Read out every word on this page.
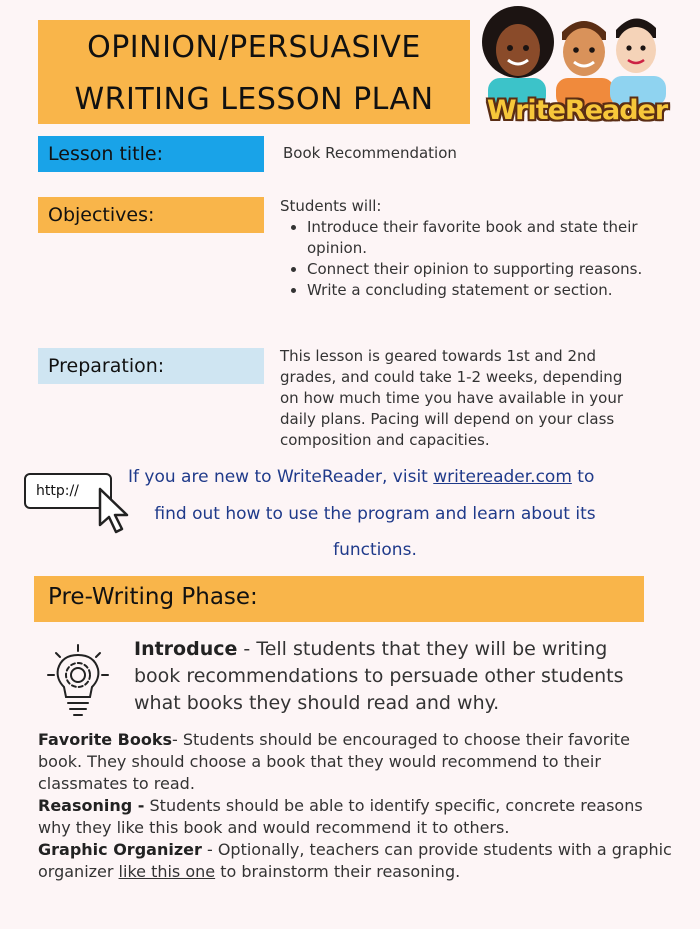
OPINION/PERSUASIVE
WRITING LESSON PLAN	WriteReader
Lesson title:	Book Recommendation
Objectives:	Students will:
• Introduce their favorite book and state their opinion.
• Connect their opinion to supporting reasons.
• Write a concluding statement or section.
Preparation:	This lesson is geared towards 1st and 2nd grades, and could take 1-2 weeks, depending on how much time you have available in your daily plans. Pacing will depend on your class composition and capacities.
http://
If you are new to WriteReader, visit writereader.com to
find out how to use the program and learn about its
functions.
Pre-Writing Phase:
Introduce - Tell students that they will be writing book recommendations to persuade other students what books they should read and why.
Favorite Books- Students should be encouraged to choose their favorite book. They should choose a book that they would recommend to their classmates to read.
Reasoning - Students should be able to identify specific, concrete reasons why they like this book and would recommend it to others.
Graphic Organizer - Optionally, teachers can provide students with a graphic organizer like this one to brainstorm their reasoning.
